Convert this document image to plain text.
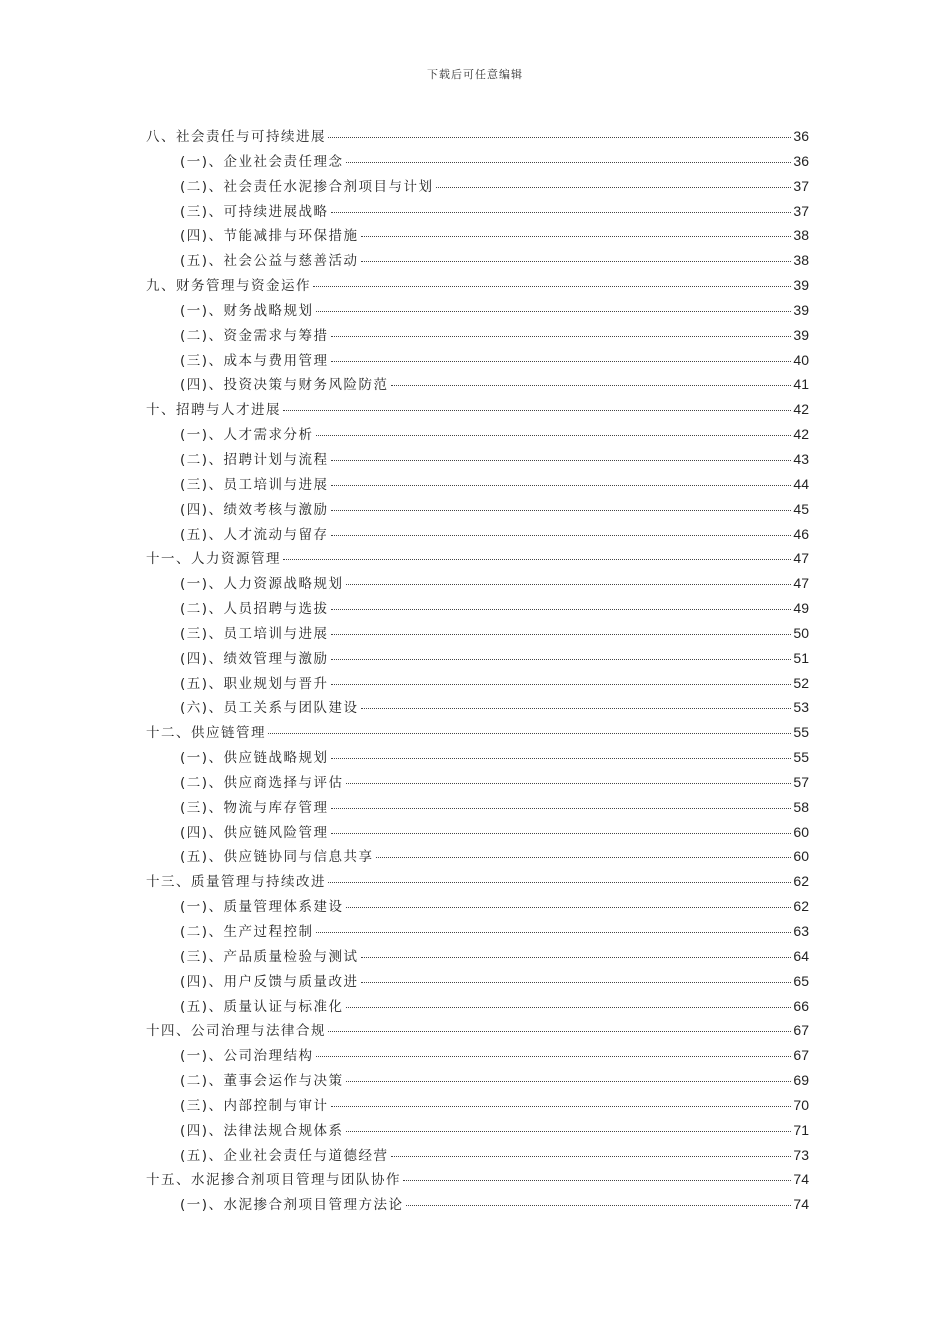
下载后可任意编辑
八、社会责任与可持续进展	36
(一)、企业社会责任理念	36
(二)、社会责任水泥掺合剂项目与计划	37
(三)、可持续进展战略	37
(四)、节能减排与环保措施	38
(五)、社会公益与慈善活动	38
九、财务管理与资金运作	39
(一)、财务战略规划	39
(二)、资金需求与筹措	39
(三)、成本与费用管理	40
(四)、投资决策与财务风险防范	41
十、招聘与人才进展	42
(一)、人才需求分析	42
(二)、招聘计划与流程	43
(三)、员工培训与进展	44
(四)、绩效考核与激励	45
(五)、人才流动与留存	46
十一、人力资源管理	47
(一)、人力资源战略规划	47
(二)、人员招聘与选拔	49
(三)、员工培训与进展	50
(四)、绩效管理与激励	51
(五)、职业规划与晋升	52
(六)、员工关系与团队建设	53
十二、供应链管理	55
(一)、供应链战略规划	55
(二)、供应商选择与评估	57
(三)、物流与库存管理	58
(四)、供应链风险管理	60
(五)、供应链协同与信息共享	60
十三、质量管理与持续改进	62
(一)、质量管理体系建设	62
(二)、生产过程控制	63
(三)、产品质量检验与测试	64
(四)、用户反馈与质量改进	65
(五)、质量认证与标准化	66
十四、公司治理与法律合规	67
(一)、公司治理结构	67
(二)、董事会运作与决策	69
(三)、内部控制与审计	70
(四)、法律法规合规体系	71
(五)、企业社会责任与道德经营	73
十五、水泥掺合剂项目管理与团队协作	74
(一)、水泥掺合剂项目管理方法论	74
